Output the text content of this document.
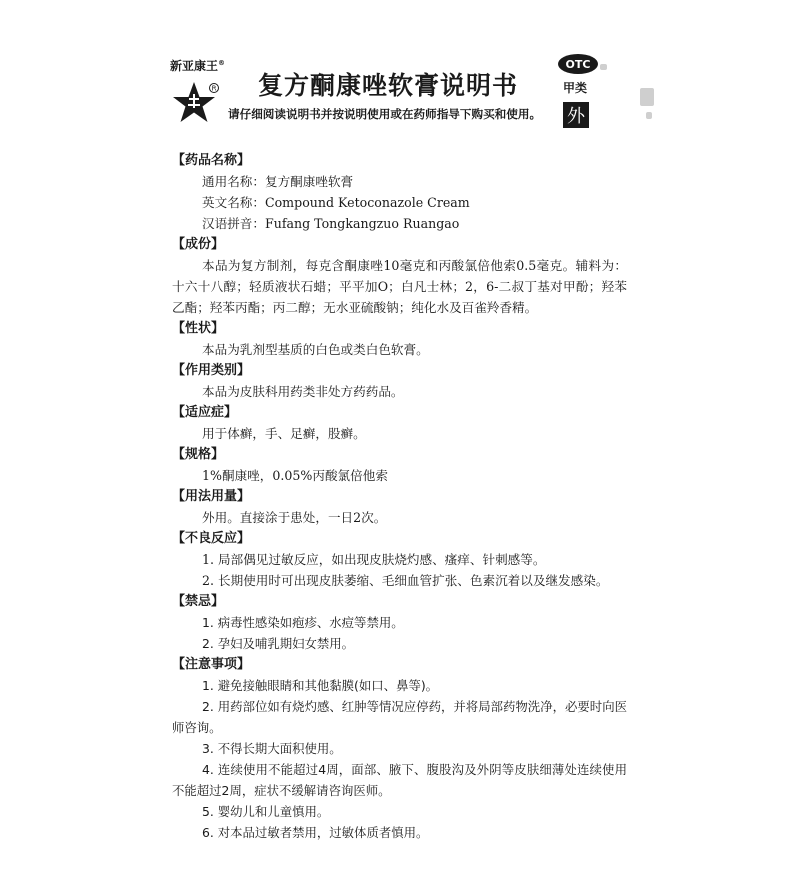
新亚康王®
R 复方酮康唑软膏说明书
请仔细阅读说明书并按说明使用或在药师指导下购买和使用。
OTC
甲类
外
【药品名称】
通用名称：复方酮康唑软膏
英文名称：Compound Ketoconazole Cream
汉语拼音：Fufang Tongkangzuo Ruangao
【成份】
本品为复方制剂，每克含酮康唑10毫克和丙酸氯倍他索0.5毫克。辅料为：十六十八醇；轻质液状石蜡；平平加O；白凡士林；2，6-二叔丁基对甲酚；羟苯乙酯；羟苯丙酯；丙二醇；无水亚硫酸钠；纯化水及百雀羚香精。
【性状】
本品为乳剂型基质的白色或类白色软膏。
【作用类别】
本品为皮肤科用药类非处方药药品。
【适应症】
用于体癣，手、足癣，股癣。
【规格】
1%酮康唑，0.05%丙酸氯倍他索
【用法用量】
外用。直接涂于患处，一日2次。
【不良反应】
1. 局部偶见过敏反应，如出现皮肤烧灼感、瘙痒、针刺感等。
2. 长期使用时可出现皮肤萎缩、毛细血管扩张、色素沉着以及继发感染。
【禁忌】
1. 病毒性感染如疱疹、水痘等禁用。
2. 孕妇及哺乳期妇女禁用。
【注意事项】
1. 避免接触眼睛和其他黏膜(如口、鼻等)。
2. 用药部位如有烧灼感、红肿等情况应停药，并将局部药物洗净，必要时向医师咨询。
3. 不得长期大面积使用。
4. 连续使用不能超过4周，面部、腋下、腹股沟及外阴等皮肤细薄处连续使用不能超过2周，症状不缓解请咨询医师。
5. 婴幼儿和儿童慎用。
6. 对本品过敏者禁用，过敏体质者慎用。
